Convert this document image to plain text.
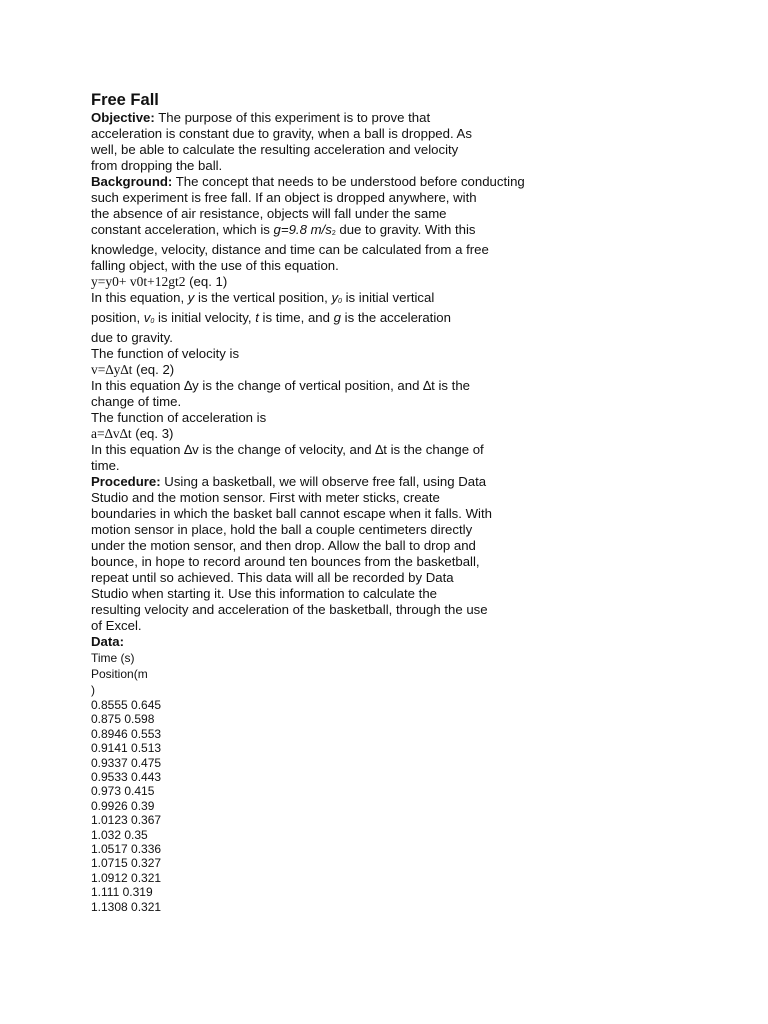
Free Fall
Objective: The purpose of this experiment is to prove that
acceleration is constant due to gravity, when a ball is dropped. As
well, be able to calculate the resulting acceleration and velocity
from dropping the ball.
Background: The concept that needs to be understood before conducting
such experiment is free fall. If an object is dropped anywhere, with
the absence of air resistance, objects will fall under the same
constant acceleration, which is g=9.8 m/s2 due to gravity. With this
knowledge, velocity, distance and time can be calculated from a free
falling object, with the use of this equation.
y=y0+ v0t+12gt2 (eq. 1)
In this equation, y is the vertical position, y0 is initial vertical
position, v0 is initial velocity, t is time, and g is the acceleration
due to gravity.
The function of velocity is
v=∆y∆t (eq. 2)
In this equation ∆y is the change of vertical position, and ∆t is the
change of time.
The function of acceleration is
a=∆v∆t (eq. 3)
In this equation ∆v is the change of velocity, and ∆t is the change of
time.
Procedure: Using a basketball, we will observe free fall, using Data
Studio and the motion sensor. First with meter sticks, create
boundaries in which the basket ball cannot escape when it falls. With
motion sensor in place, hold the ball a couple centimeters directly
under the motion sensor, and then drop. Allow the ball to drop and
bounce, in hope to record around ten bounces from the basketball,
repeat until so achieved. This data will all be recorded by Data
Studio when starting it. Use this information to calculate the
resulting velocity and acceleration of the basketball, through the use
of Excel.
Data:
Time (s)
Position(m
)
0.8555 0.645
0.875 0.598
0.8946 0.553
0.9141 0.513
0.9337 0.475
0.9533 0.443
0.973 0.415
0.9926 0.39
1.0123 0.367
1.032 0.35
1.0517 0.336
1.0715 0.327
1.0912 0.321
1.111 0.319
1.1308 0.321
